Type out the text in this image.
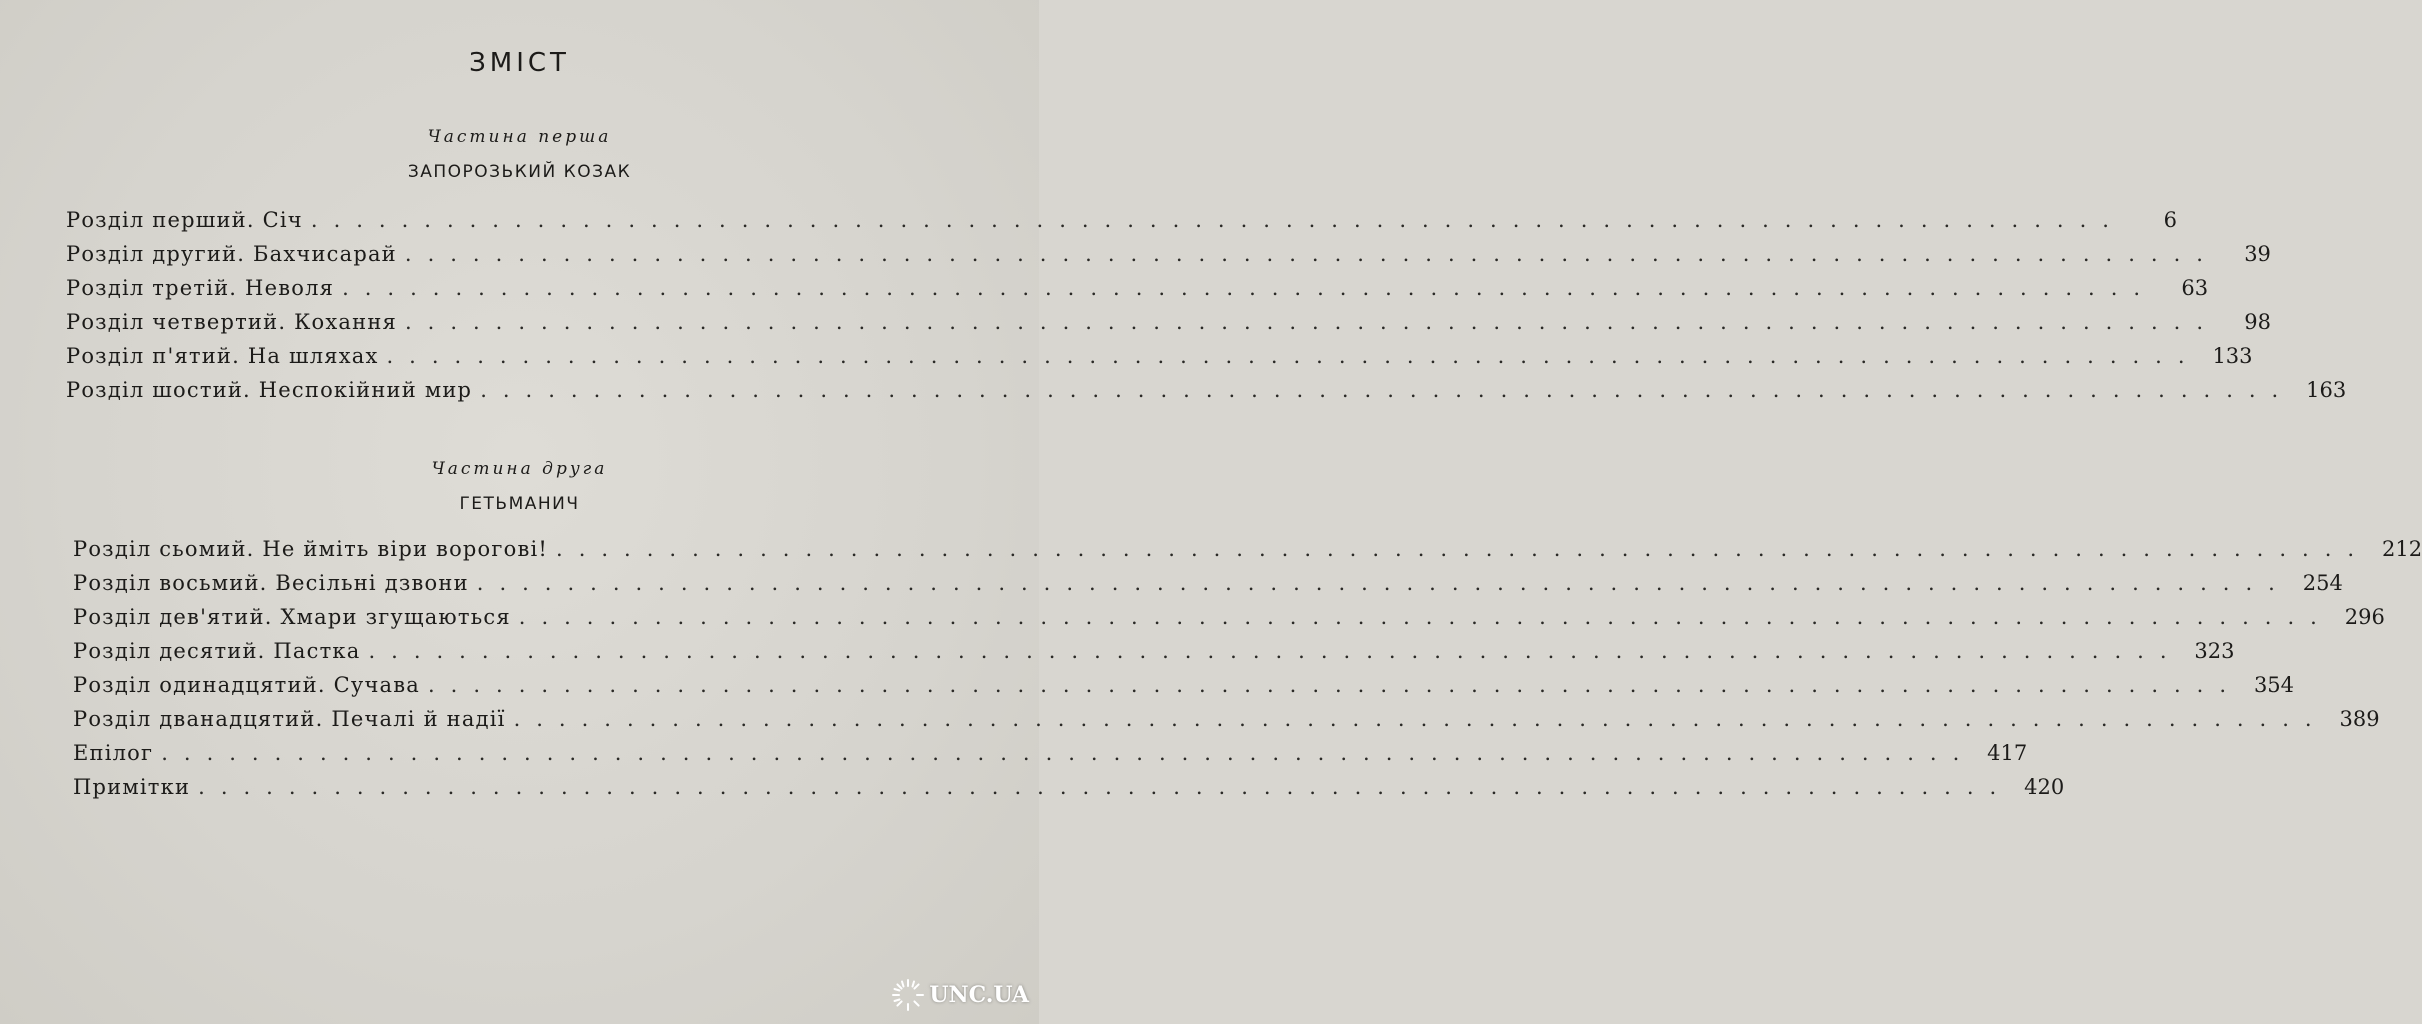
ЗМІСТ
Частина перша
ЗАПОРОЗЬКИЙ КОЗАК
Розділ перший. Січ ................................................................................	6
Розділ другий. Бахчисарай ................................................................................	39
Розділ третій. Неволя ................................................................................	63
Розділ четвертий. Кохання ................................................................................	98
Розділ п'ятий. На шляхах ................................................................................ 133
Розділ шостий. Неспокійний мир ................................................................................ 163
Частина друга
ГЕТЬМАНИЧ
Розділ сьомий. Не йміть віри ворогові! ................................................................................ 212
Розділ восьмий. Весільні дзвони ................................................................................ 254
Розділ дев'ятий. Хмари згущаються ................................................................................ 296
Розділ десятий. Пастка ................................................................................ 323
Розділ одинадцятий. Сучава ................................................................................ 354
Розділ дванадцятий. Печалі й надії ................................................................................ 389
Епілог ................................................................................ 417
Примітки ................................................................................ 420
UNC.UA
